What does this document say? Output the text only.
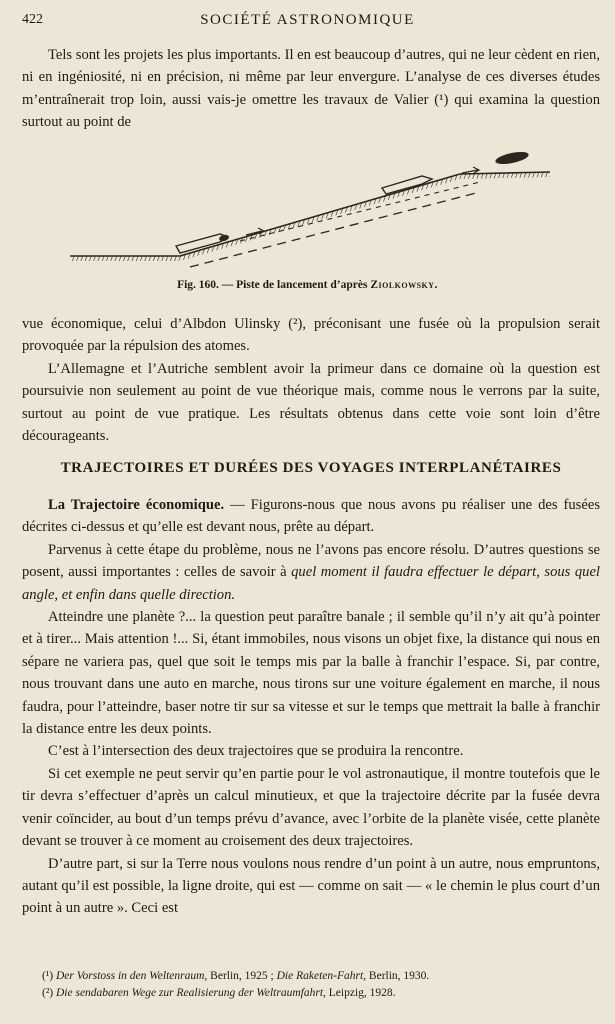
422	SOCIÉTÉ ASTRONOMIQUE

Tels sont les projets les plus importants. Il en est beaucoup d’autres, qui ne leur cèdent en rien, ni en ingéniosité, ni en précision, ni même par leur envergure. L’analyse de ces diverses études m’entraînerait trop loin, aussi vais-je omettre les travaux de Valier (¹) qui examina la question surtout au point de

Fig. 160. — Piste de lancement d’après Ziolkowsky.

vue économique, celui d’Albdon Ulinsky (²), préconisant une fusée où la propulsion serait provoquée par la répulsion des atomes.

L’Allemagne et l’Autriche semblent avoir la primeur dans ce domaine où la question est poursuivie non seulement au point de vue théorique mais, comme nous le verrons par la suite, surtout au point de vue pratique. Les résultats obtenus dans cette voie sont loin d’être décourageants.

TRAJECTOIRES ET DURÉES DES VOYAGES INTERPLANÉTAIRES

La Trajectoire économique. — Figurons-nous que nous avons pu réaliser une des fusées décrites ci-dessus et qu’elle est devant nous, prête au départ.

Parvenus à cette étape du problème, nous ne l’avons pas encore résolu. D’autres questions se posent, aussi importantes : celles de savoir à quel moment il faudra effectuer le départ, sous quel angle, et enfin dans quelle direction.

Atteindre une planète ?... la question peut paraître banale ; il semble qu’il n’y ait qu’à pointer et à tirer... Mais attention !... Si, étant immobiles, nous visons un objet fixe, la distance qui nous en sépare ne variera pas, quel que soit le temps mis par la balle à franchir l’espace. Si, par contre, nous trouvant dans une auto en marche, nous tirons sur une voiture également en marche, il nous faudra, pour l’atteindre, baser notre tir sur sa vitesse et sur le temps que mettrait la balle à franchir la distance entre les deux points.

C’est à l’intersection des deux trajectoires que se produira la rencontre.

Si cet exemple ne peut servir qu’en partie pour le vol astronautique, il montre toutefois que le tir devra s’effectuer d’après un calcul minutieux, et que la trajectoire décrite par la fusée devra venir coïncider, au bout d’un temps prévu d’avance, avec l’orbite de la planète visée, cette planète devant se trouver à ce moment au croisement des deux trajectoires.

D’autre part, si sur la Terre nous voulons nous rendre d’un point à un autre, nous empruntons, autant qu’il est possible, la ligne droite, qui est — comme on sait — « le chemin le plus court d’un point à un autre ». Ceci est

(¹) Der Vorstoss in den Weltenraum, Berlin, 1925 ; Die Raketen-Fahrt, Berlin, 1930.
(²) Die sendabaren Wege zur Realisierung der Weltraumfahrt, Leipzig, 1928.
